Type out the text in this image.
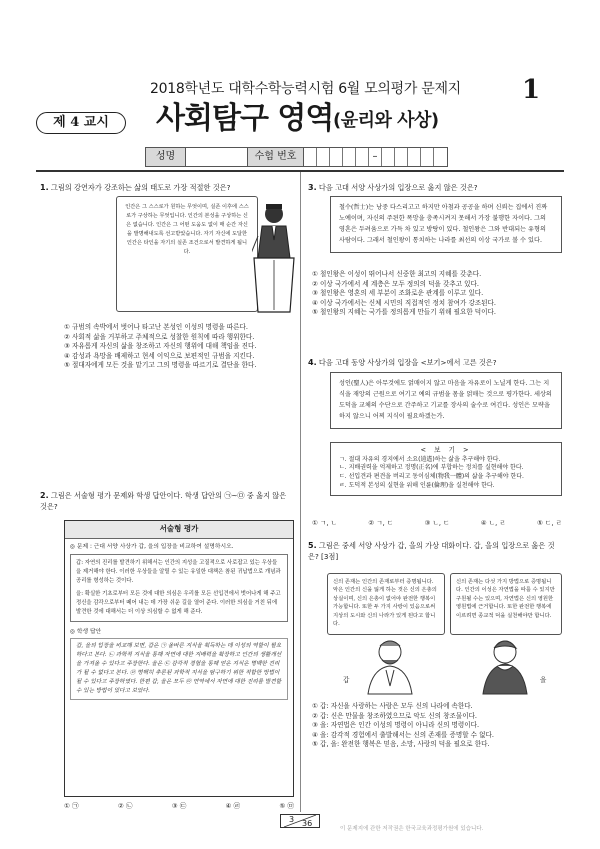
2018학년도 대학수학능력시험 6월 모의평가 문제지 1
제 4 교시	사회탐구 영역 (윤리와 사상)
성명	수험 번호	–
1. 그림의 강연자가 강조하는 삶의 태도로 가장 적절한 것은?
인간은 그 스스로가 원하는 무엇이며, 실존 이후에 스스로가 구상하는 무엇입니다. 인간의 본성을 구상하는 신은 없습니다. 인간은 그 어떤 도움도 없이 매 순간 자신을 발명해내도록 선고받았습니다. 자기 자신에 도달한 인간은 타인을 자기의 실존 조건으로서 발견하게 됩니다.
① 규범의 속박에서 벗어나 타고난 본성인 이성의 명령을 따른다.
② 사회적 삶을 거부하고 주체적으로 성찰한 원칙에 따라 행위한다.
③ 자유롭게 자신의 삶을 창조하고 자신의 행위에 대해 책임을 진다.
④ 감성과 욕망을 배제하고 현세 이익으로 보편적인 규범을 지킨다.
⑤ 절대자에게 모든 것을 맡기고 그의 명령을 따르기로 결단을 한다.
2. 그림은 서술형 평가 문제와 학생 답안이다. 학생 답안의 ㉠~㉤ 중 옳지 않은 것은?
서술형 평가
◎ 문제 : 근대 서양 사상가 갑, 을의 입장을 비교하여 설명하시오.
갑: 자연의 진리를 발견하기 위해서는 인간의 지성을 고질적으로 사로잡고 있는 우상들을 제거해야 한다. 이러한 우상들을 알릴 수 있는 유일한 대책은 참된 귀납법으로 개념과 공리를 형성하는 것이다.
을: 확실한 기초로부터 모든 것에 대한 의심은 우리를 모든 선입견에서 벗어나게 해 주고 정신을 감각으로부터 떼어 내는 데 가장 쉬운 길을 열어 준다. 이러한 의심을 거친 뒤에 발견한 것에 대해서는 더 이상 의심할 수 없게 해 준다.
◎ 학생 답안
갑, 을의 입장을 비교해 보면, 갑은 ㉠ 올바른 지식을 획득하는 데 이성의 역할이 필요하다고 본다. ㉡ 과학적 지식을 통해 자연에 대한 지배력을 확장하고 인간의 생활개선을 가져올 수 있다고 주장한다. 을은 ㉢ 감각적 경험을 통해 얻은 지식은 명백한 진리가 될 수 없다고 본다. ㉣ 명백히 추론된 과학적 지식을 탐구하기 위한 적합한 방법이 될 수 있다고 주장하였다. 한편 갑, 을은 모두 ㉤ 연역에서 자연에 대한 진리를 발견할 수 있는 방법이 있다고 보았다.
① ㉠	② ㉡	③ ㉢	④ ㉣	⑤ ㉤
3. 다음 고대 서양 사상가의 입장으로 옳지 않은 것은?
철수(哲士)는 낭중 다스리고고 하지만 아첨과 공공을 하며 신뢰는 집에서 진짜 노예이며, 자신의 주된한 폭망을 충족시켜지 못해서 가장 불행한 자이다. 그의 영혼은 두려움으로 가득 차 있고 방탕이 있다. 철인왕은 그와 반대되는 유형의 사람이다. 그래서 철인왕이 통치하는 나라를 최선의 이상 국가로 볼 수 있다.
① 철인왕은 이성이 뛰어나서 신중한 최고의 지혜를 갖춘다.
② 이상 국가에서 세 계층은 모두 정의의 덕을 갖추고 있다.
③ 철인왕은 영혼의 세 부분이 조화로운 관계를 이루고 있다.
④ 이상 국가에서는 신체 시민의 직접적인 정치 참여가 강조된다.
⑤ 철인왕의 지혜는 국가를 정의롭게 만들기 위해 필요한 덕이다.
4. 다음 고대 동양 사상가의 입장을 <보기>에서 고른 것은?
성인(聖人)은 아무것에도 얽매이지 않고 마음을 자유로이 노닐게 한다. 그는 지식을 재앙의 근원으로 여기고 예의 규범을 몸을 얽매는 것으로 평가한다. 세상의 도덕을 교체의 수단으로 간주하고 기교를 장사의 술수로 여긴다. 성인은 모략을 하지 않으니 어찌 지식이 필요하겠는가.
< 보 기 >
ㄱ. 절대 자유의 경지에서 소요(逍遙)하는 삶을 추구해야 한다.
ㄴ. 지배권력을 억제하고 정명(正名)에 부합하는 정치를 실현해야 한다.
ㄷ. 선입견과 편견을 버리고 동이심체(物我一體)의 삶을 추구해야 한다.
ㄹ. 도덕적 본성의 실현을 위해 인륜(倫理)을 실천해야 한다.
① ㄱ, ㄴ	② ㄱ, ㄷ	③ ㄴ, ㄷ	④ ㄴ, ㄹ	⑤ ㄷ, ㄹ
5. 그림은 중세 서양 사상가 갑, 을의 가상 대화이다. 갑, 을의 입장으로 옳은 것은? [3점]
신의 존재는 인간의 존재로부터 증명됩니다. 악은 인간의 신을 잃게 하는 것은 신의 은총의 상실이며, 신의 은총이 없어야 완전한 행복이 가능합니다. 또한 두 가지 사랑이 있음으로써 지상의 도시와 신의 나라가 있게 된다고 합니다.
신의 존재는 다섯 가지 방법으로 증명됩니다. 인간의 이성은 자연법을 따를 수 있지만 구원될 수는 있으며, 자연법은 신의 영원한 영원법에 근거합니다. 또한 완전한 행복에 이르려면 종교적 덕을 실천해야만 합니다.
갑	을
① 갑: 자신을 사랑하는 사람은 모두 신의 나라에 속한다.
② 갑: 신은 만물을 창조하였으므로 악도 신의 창조물이다.
③ 을: 자연법은 인간 이성의 명령이 아니라 신의 명령이다.
④ 을: 감각적 경험에서 출발해서는 신의 존재를 증명할 수 없다.
⑤ 갑, 을: 완전한 행복은 믿음, 소망, 사랑의 덕을 필요로 한다.
3 36
이 문제지에 관한 저작권은 한국교육과정평가원에 있습니다.
